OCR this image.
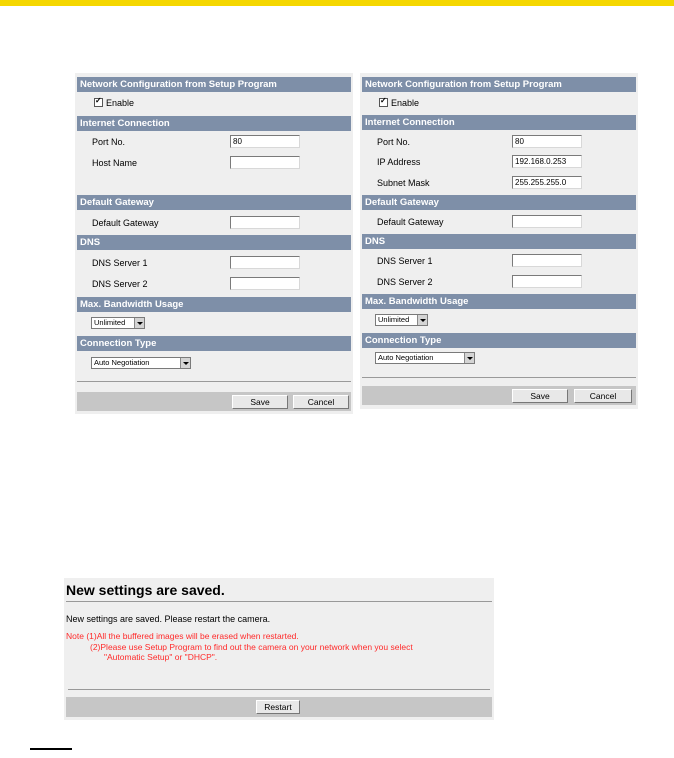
Network Configuration from Setup Program
✓
Enable
Internet Connection
Port No.
80
Host Name
Default Gateway
Default Gateway
DNS
DNS Server 1
DNS Server 2
Max. Bandwidth Usage
Unlimited
Connection Type
Auto Negotiation
Save	Cancel
Network Configuration from Setup Program
✓
Enable
Internet Connection
Port No.
80
IP Address
192.168.0.253
Subnet Mask
255.255.255.0
Default Gateway
Default Gateway
DNS
DNS Server 1
DNS Server 2
Max. Bandwidth Usage
Unlimited
Connection Type
Auto Negotiation
Save	Cancel
New settings are saved.
New settings are saved. Please restart the camera.
Note (1)All the buffered images will be erased when restarted.
(2)Please use Setup Program to find out the camera on your network when you select
"Automatic Setup" or "DHCP".
Restart
